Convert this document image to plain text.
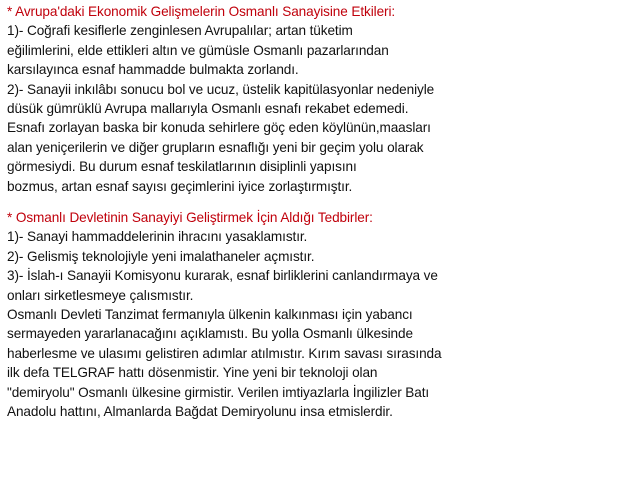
* Avrupa'daki Ekonomik Gelişmelerin Osmanlı Sanayisine Etkileri:
1)- Coğrafi kesiflerle zenginlesen Avrupalılar; artan tüketim
eğilimlerini, elde ettikleri altın ve gümüsle Osmanlı pazarlarından
karsılayınca esnaf hammadde bulmakta zorlandı.
2)- Sanayii inkılâbı sonucu bol ve ucuz, üstelik kapitülasyonlar nedeniyle
düsük gümrüklü Avrupa mallarıyla Osmanlı esnafı rekabet edemedi.
Esnafı zorlayan baska bir konuda sehirlere göç eden köylünün,maasları
alan yeniçerilerin ve diğer grupların esnaflığı yeni bir geçim yolu olarak
görmesiydi. Bu durum esnaf teskilatlarının disiplinli yapısını
bozmus, artan esnaf sayısı geçimlerini iyice zorlaştırmıştır.
* Osmanlı Devletinin Sanayiyi Geliştirmek İçin Aldığı Tedbirler:
1)- Sanayi hammaddelerinin ihracını yasaklamıstır.
2)- Gelismiş teknolojiyle yeni imalathaneler açmıstır.
3)- İslah-ı Sanayii Komisyonu kurarak, esnaf birliklerini canlandırmaya ve
onları sirketlesmeye çalısmıstır.
Osmanlı Devleti Tanzimat fermanıyla ülkenin kalkınması için yabancı
sermayeden yararlanacağını açıklamıstı. Bu yolla Osmanlı ülkesinde
haberlesme ve ulasımı gelistiren adımlar atılmıstır. Kırım savası sırasında
ilk defa TELGRAF hattı dösenmistir. Yine yeni bir teknoloji olan
"demiryolu" Osmanlı ülkesine girmistir. Verilen imtiyazlarla İngilizler Batı
Anadolu hattını, Almanlarda Bağdat Demiryolunu insa etmislerdir.
